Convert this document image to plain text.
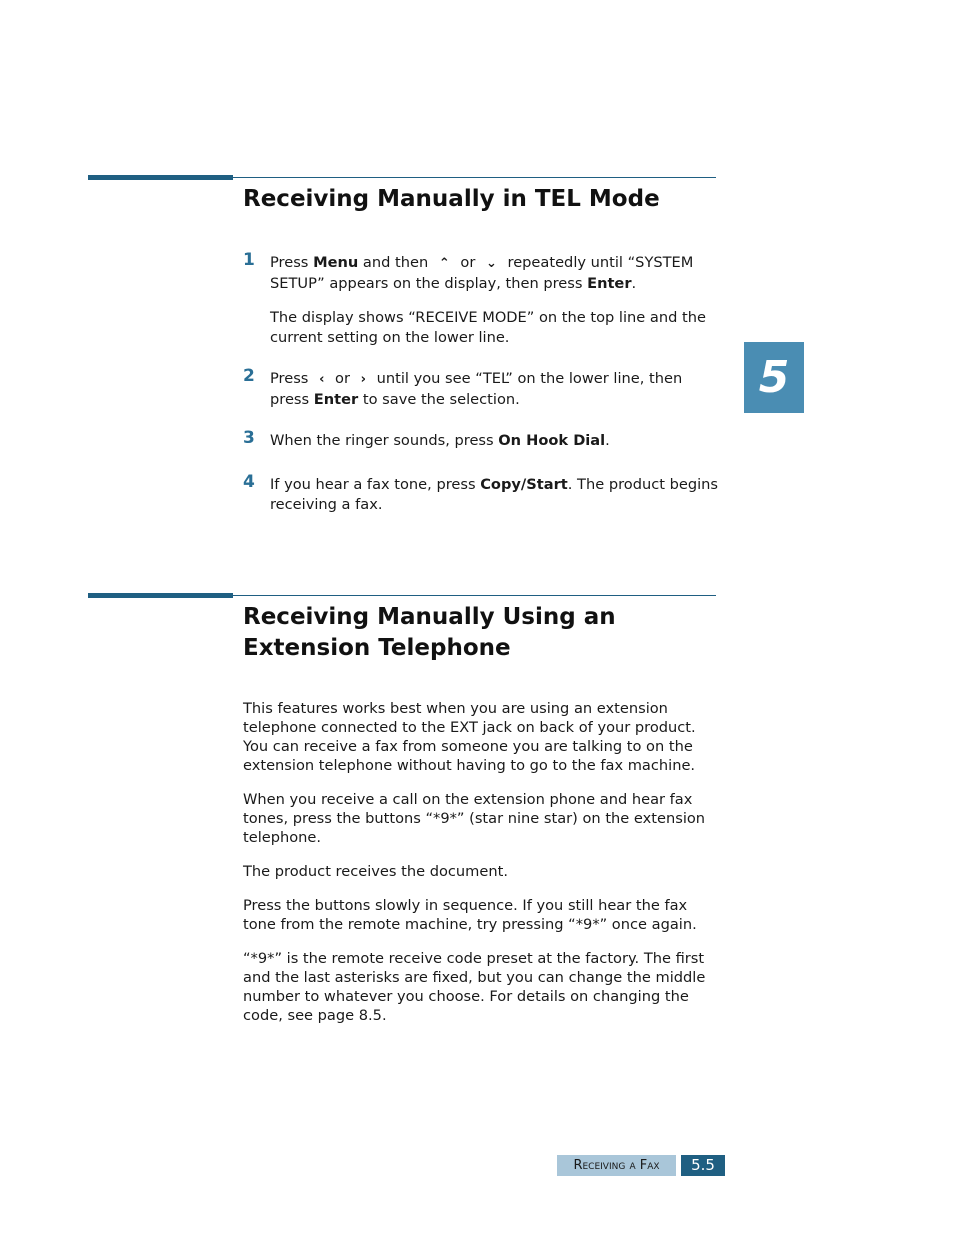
Receiving Manually in TEL Mode
1 Press Menu and then ⌃ or ⌄ repeatedly until “SYSTEM SETUP” appears on the display, then press Enter.
The display shows “RECEIVE MODE” on the top line and the current setting on the lower line.
2 Press ‹ or › until you see “TEL” on the lower line, then press Enter to save the selection.
3 When the ringer sounds, press On Hook Dial.
4 If you hear a fax tone, press Copy/Start. The product begins receiving a fax.
5
Receiving Manually Using an
Extension Telephone

This features works best when you are using an extension telephone connected to the EXT jack on back of your product. You can receive a fax from someone you are talking to on the extension telephone without having to go to the fax machine.

When you receive a call on the extension phone and hear fax tones, press the buttons “*9*” (star nine star) on the extension telephone.

The product receives the document.

Press the buttons slowly in sequence. If you still hear the fax tone from the remote machine, try pressing “*9*” once again.

“*9*” is the remote receive code preset at the factory. The first and the last asterisks are fixed, but you can change the middle number to whatever you choose. For details on changing the code, see page 8.5.

Receiving a Fax	5.5
